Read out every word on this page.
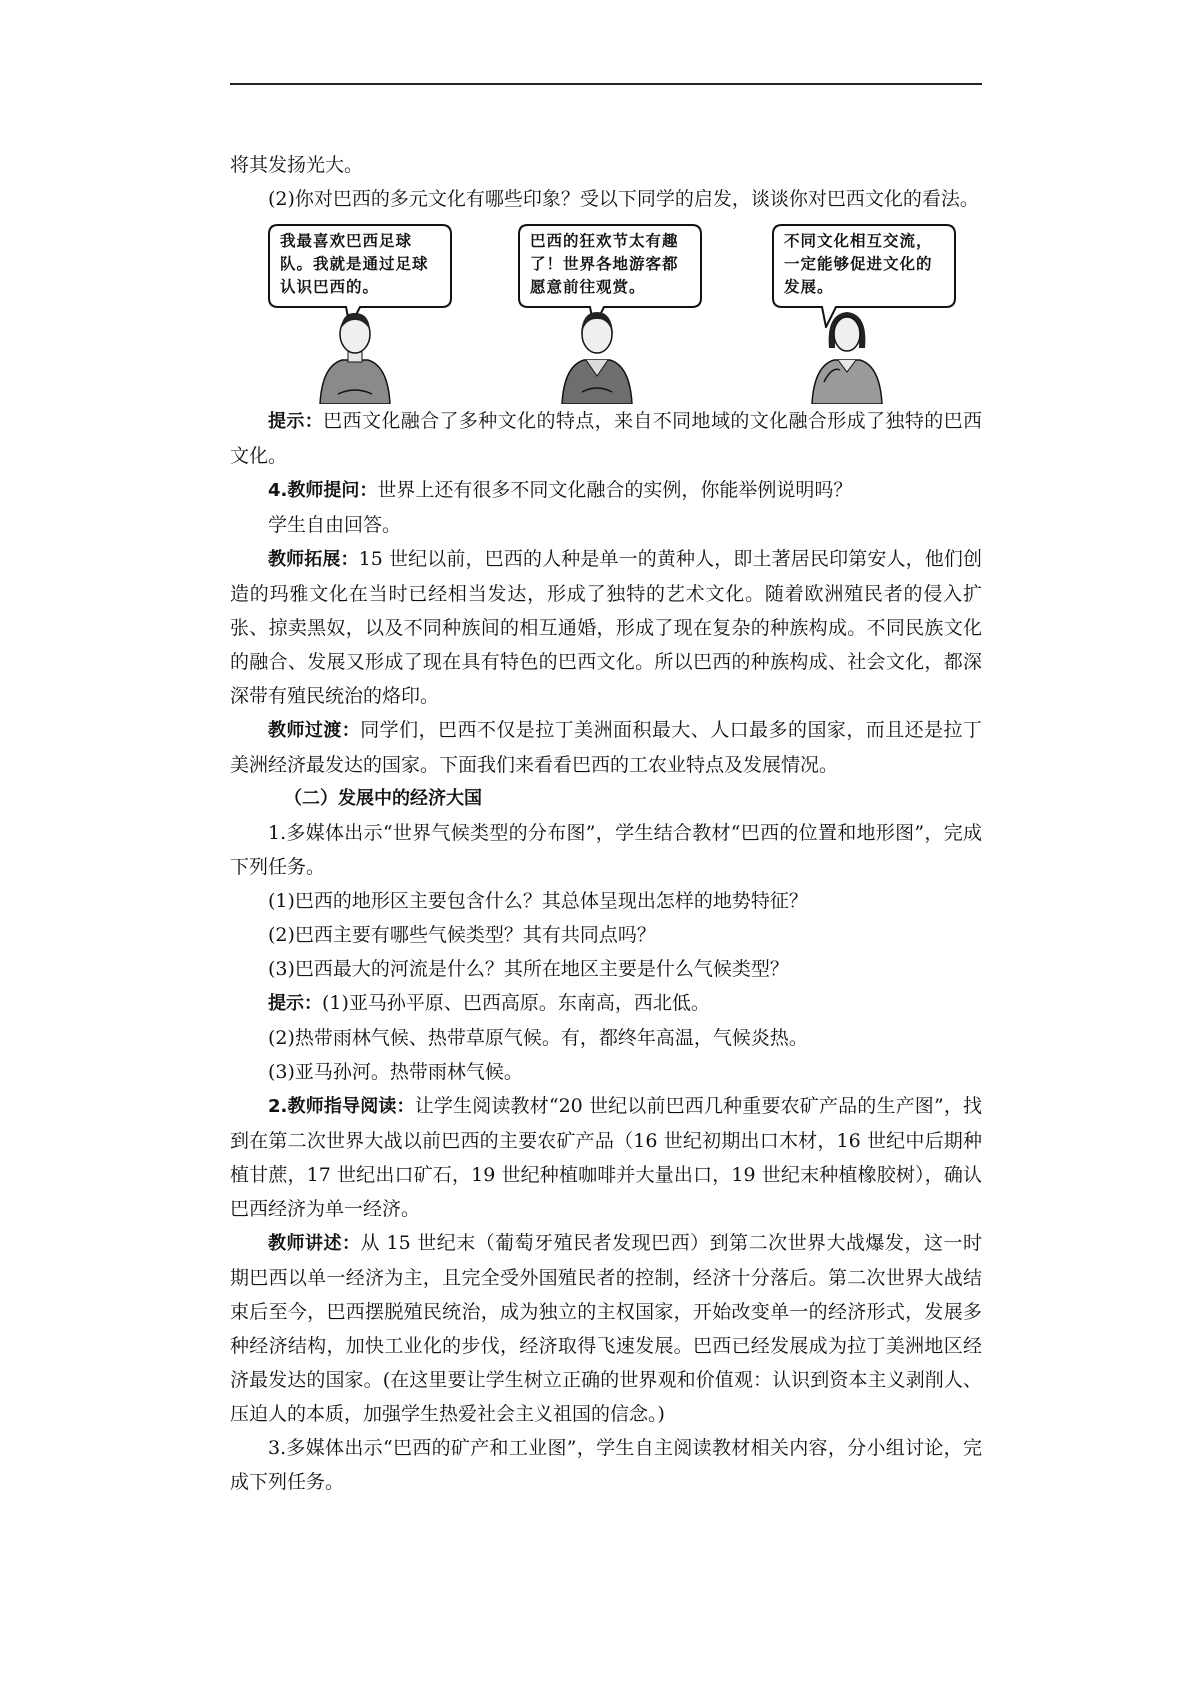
将其发扬光大。

(2)你对巴西的多元文化有哪些印象？受以下同学的启发，谈谈你对巴西文化的看法。

我最喜欢巴西足球队。我就是通过足球认识巴西的。
巴西的狂欢节太有趣了！世界各地游客都愿意前往观赏。
不同文化相互交流，一定能够促进文化的发展。

提示：巴西文化融合了多种文化的特点，来自不同地域的文化融合形成了独特的巴西文化。

4.教师提问：世界上还有很多不同文化融合的实例，你能举例说明吗？

学生自由回答。

教师拓展：15 世纪以前，巴西的人种是单一的黄种人，即土著居民印第安人，他们创造的玛雅文化在当时已经相当发达，形成了独特的艺术文化。随着欧洲殖民者的侵入扩张、掠卖黑奴，以及不同种族间的相互通婚，形成了现在复杂的种族构成。不同民族文化的融合、发展又形成了现在具有特色的巴西文化。所以巴西的种族构成、社会文化，都深深带有殖民统治的烙印。

教师过渡：同学们，巴西不仅是拉丁美洲面积最大、人口最多的国家，而且还是拉丁美洲经济最发达的国家。下面我们来看看巴西的工农业特点及发展情况。

（二）发展中的经济大国

1.多媒体出示“世界气候类型的分布图”，学生结合教材“巴西的位置和地形图”，完成下列任务。

(1)巴西的地形区主要包含什么？其总体呈现出怎样的地势特征？

(2)巴西主要有哪些气候类型？其有共同点吗？

(3)巴西最大的河流是什么？其所在地区主要是什么气候类型？

提示：(1)亚马孙平原、巴西高原。东南高，西北低。

(2)热带雨林气候、热带草原气候。有，都终年高温，气候炎热。

(3)亚马孙河。热带雨林气候。

2.教师指导阅读：让学生阅读教材“20 世纪以前巴西几种重要农矿产品的生产图”，找到在第二次世界大战以前巴西的主要农矿产品（16 世纪初期出口木材，16 世纪中后期种植甘蔗，17 世纪出口矿石，19 世纪种植咖啡并大量出口，19 世纪末种植橡胶树），确认巴西经济为单一经济。

教师讲述：从 15 世纪末（葡萄牙殖民者发现巴西）到第二次世界大战爆发，这一时期巴西以单一经济为主，且完全受外国殖民者的控制，经济十分落后。第二次世界大战结束后至今，巴西摆脱殖民统治，成为独立的主权国家，开始改变单一的经济形式，发展多种经济结构，加快工业化的步伐，经济取得飞速发展。巴西已经发展成为拉丁美洲地区经济最发达的国家。(在这里要让学生树立正确的世界观和价值观：认识到资本主义剥削人、压迫人的本质，加强学生热爱社会主义祖国的信念。)

3.多媒体出示“巴西的矿产和工业图”，学生自主阅读教材相关内容，分小组讨论，完成下列任务。
